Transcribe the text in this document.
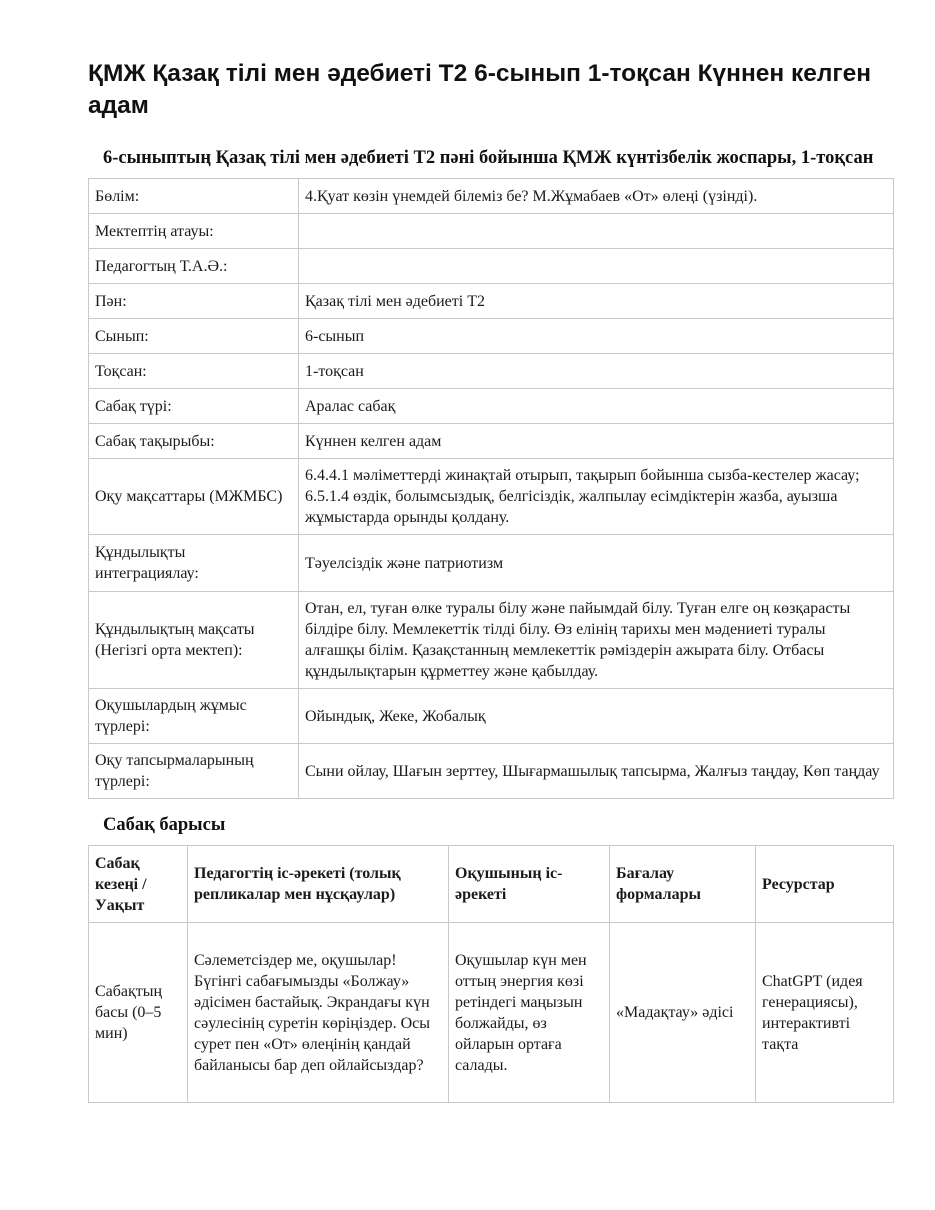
ҚМЖ Қазақ тілі мен әдебиеті Т2 6-сынып 1-тоқсан Күннен келген адам
6-сыныптың Қазақ тілі мен әдебиеті Т2 пәні бойынша ҚМЖ күнтізбелік жоспары, 1-тоқсан
Бөлім:	4.Қуат көзін үнемдей білеміз бе? М.Жұмабаев «От» өлеңі (үзінді).
Мектептің атауы:	
Педагогтың Т.А.Ә.:	
Пән:	Қазақ тілі мен әдебиеті Т2
Сынып:	6-сынып
Тоқсан:	1-тоқсан
Сабақ түрі:	Аралас сабақ
Сабақ тақырыбы:	Күннен келген адам
Оқу мақсаттары (МЖМБС)	6.4.4.1 мәліметтерді жинақтай отырып, тақырып бойынша сызба-кестелер жасау; 6.5.1.4 өздік, болымсыздық, белгісіздік, жалпылау есімдіктерін жазба, ауызша жұмыстарда орынды қолдану.
Құндылықты интеграциялау:	Тәуелсіздік және патриотизм
Құндылықтың мақсаты (Негізгі орта мектеп):	Отан, ел, туған өлке туралы білу және пайымдай білу. Туған елге оң көзқарасты білдіре білу. Мемлекеттік тілді білу. Өз елінің тарихы мен мәдениеті туралы алғашқы білім. Қазақстанның мемлекеттік рәміздерін ажырата білу. Отбасы құндылықтарын құрметтеу және қабылдау.
Оқушылардың жұмыс түрлері:	Ойындық, Жеке, Жобалық
Оқу тапсырмаларының түрлері:	Сыни ойлау, Шағын зерттеу, Шығармашылық тапсырма, Жалғыз таңдау, Көп таңдау
Сабақ барысы
Сабақ кезеңі / Уақыт	Педагогтің іс-әрекеті (толық репликалар мен нұсқаулар)	Оқушының іс-әрекеті	Бағалау формалары	Ресурстар
Сабақтың басы (0–5 мин)	Сәлеметсіздер ме, оқушылар! Бүгінгі сабағымызды «Болжау» әдісімен бастайық. Экрандағы күн сәулесінің суретін көріңіздер. Осы сурет пен «От» өлеңінің қандай байланысы бар деп ойлайсыздар?	Оқушылар күн мен оттың энергия көзі ретіндегі маңызын болжайды, өз ойларын ортаға салады.	«Мадақтау» әдісі	ChatGPT (идея генерациясы), интерактивті тақта
